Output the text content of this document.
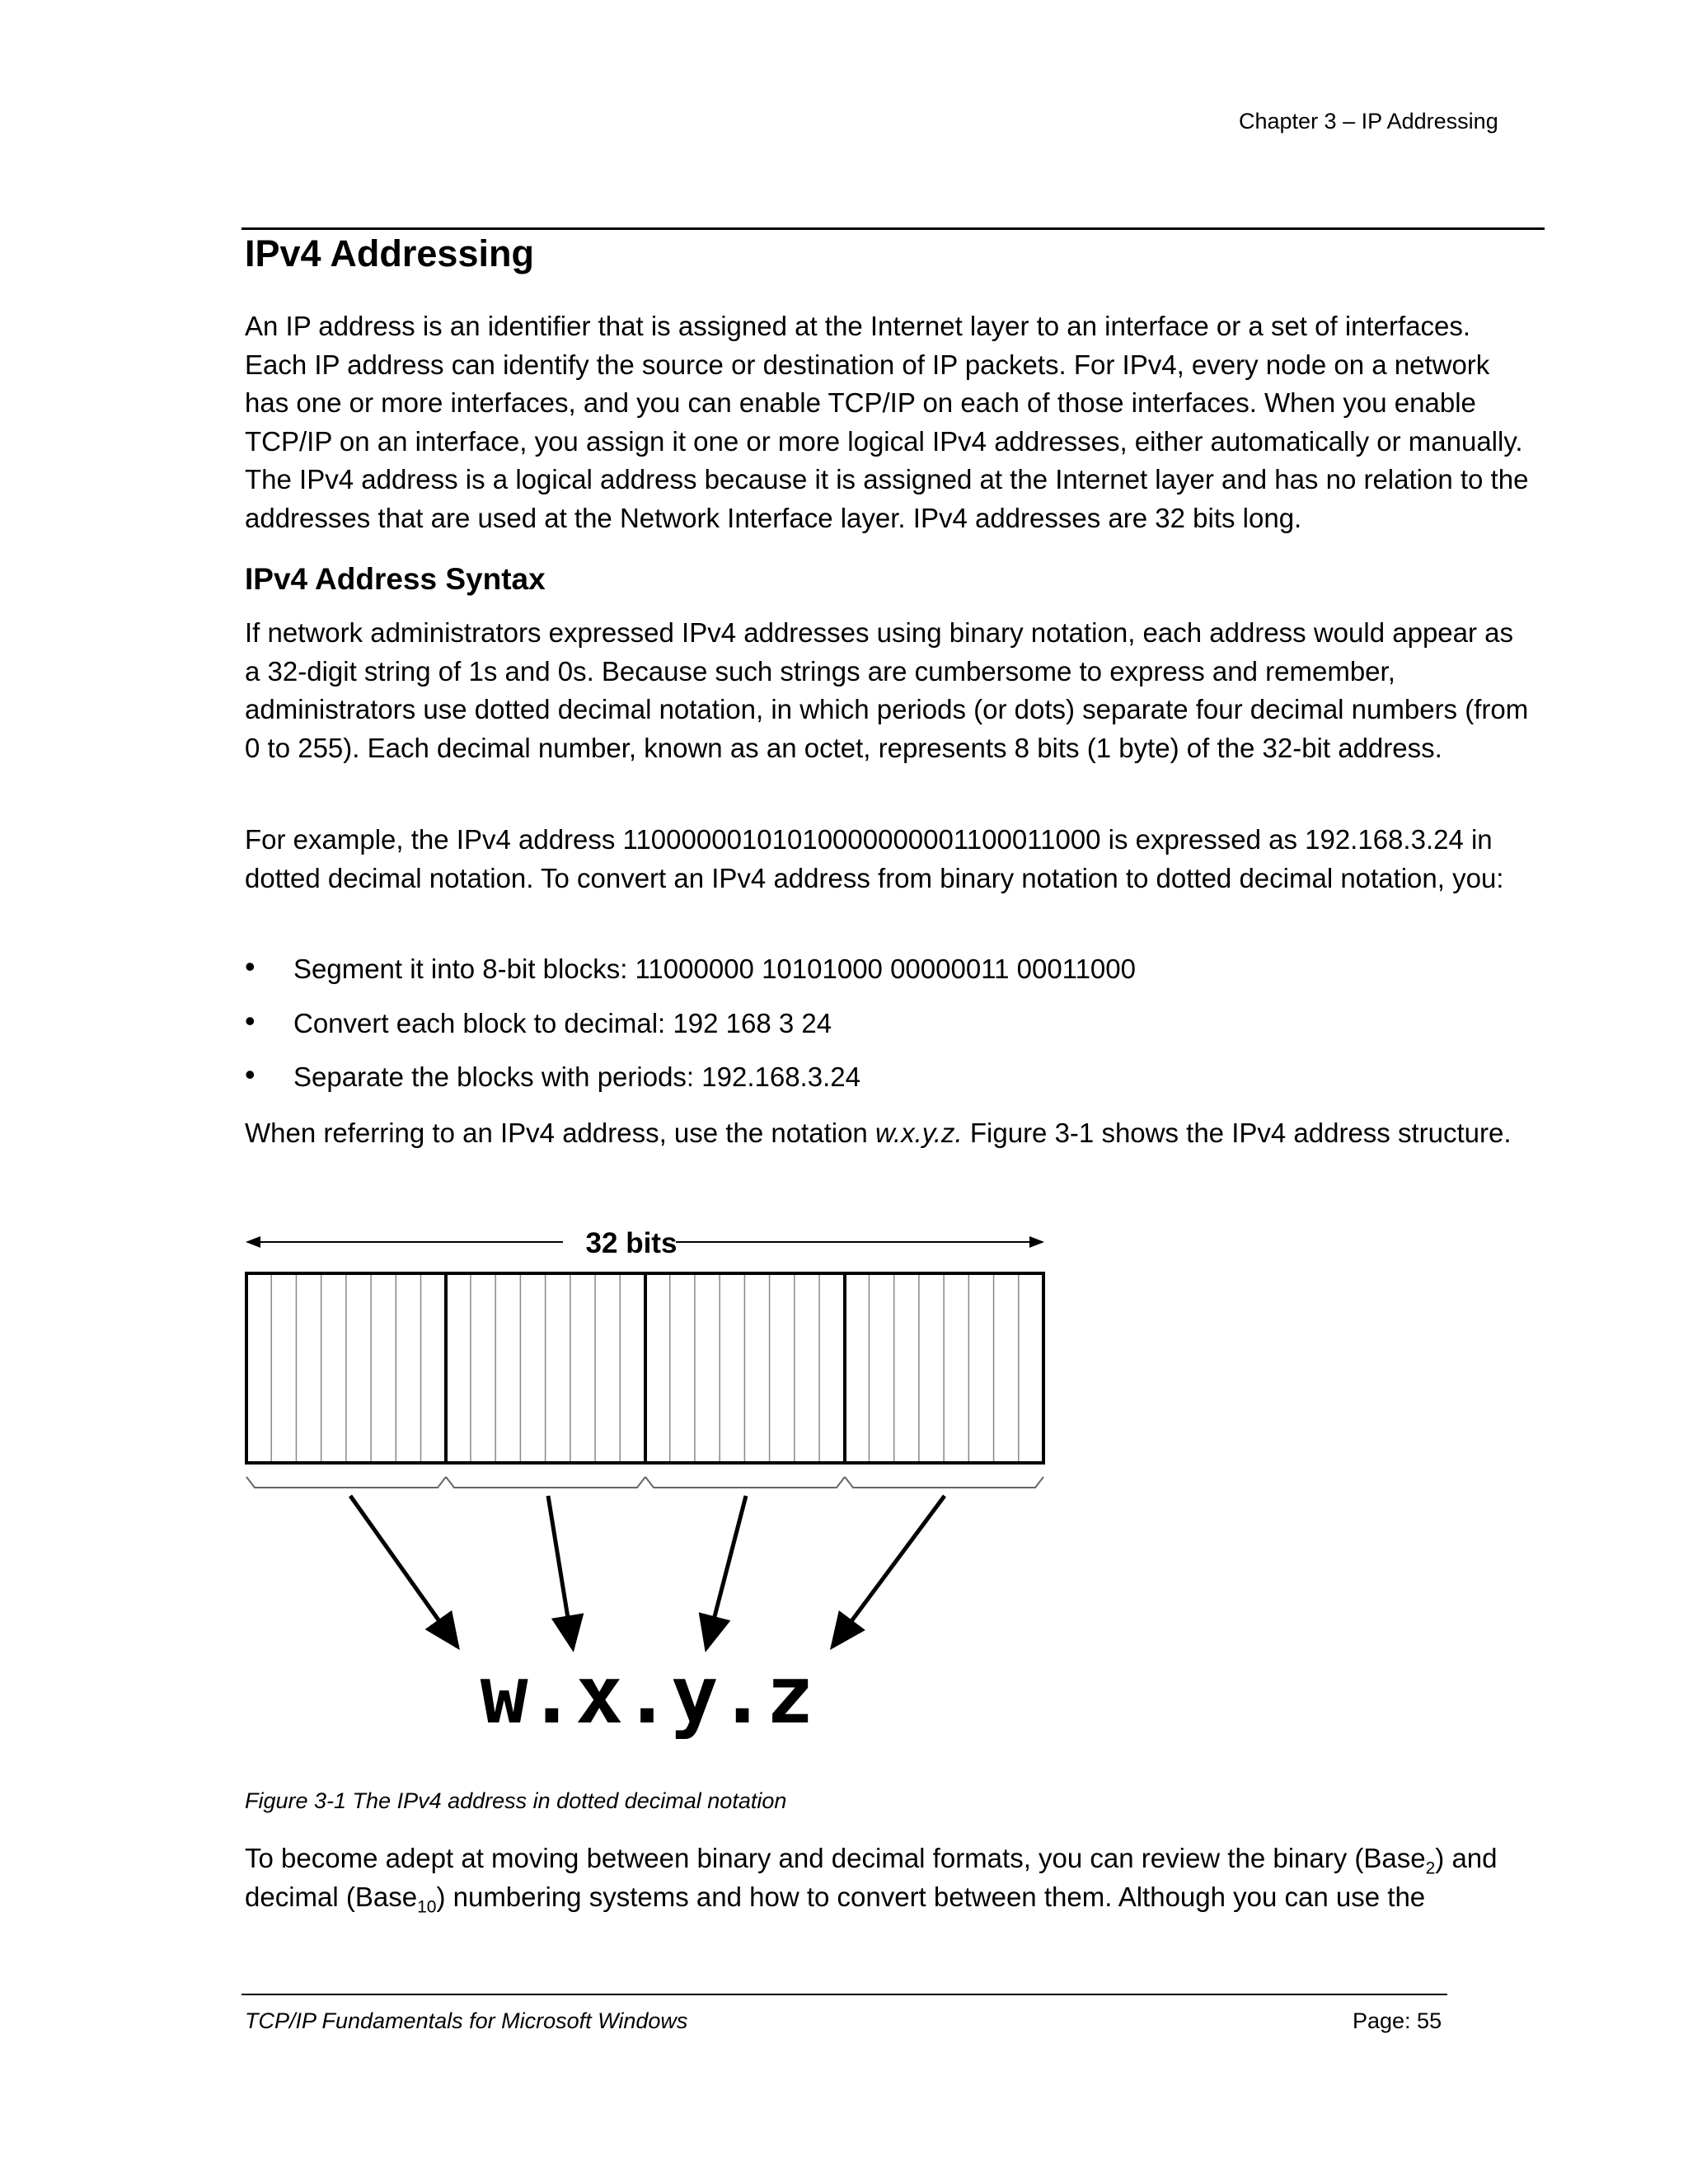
Chapter 3 – IP Addressing
IPv4 Addressing

An IP address is an identifier that is assigned at the Internet layer to an interface or a set of interfaces. Each IP address can identify the source or destination of IP packets. For IPv4, every node on a network has one or more interfaces, and you can enable TCP/IP on each of those interfaces. When you enable TCP/IP on an interface, you assign it one or more logical IPv4 addresses, either automatically or manually. The IPv4 address is a logical address because it is assigned at the Internet layer and has no relation to the addresses that are used at the Network Interface layer. IPv4 addresses are 32 bits long.

IPv4 Address Syntax

If network administrators expressed IPv4 addresses using binary notation, each address would appear as a 32-digit string of 1s and 0s. Because such strings are cumbersome to express and remember, administrators use dotted decimal notation, in which periods (or dots) separate four decimal numbers (from 0 to 255). Each decimal number, known as an octet, represents 8 bits (1 byte) of the 32-bit address.

For example, the IPv4 address 11000000101010000000001100011000 is expressed as 192.168.3.24 in dotted decimal notation. To convert an IPv4 address from binary notation to dotted decimal notation, you:

• Segment it into 8-bit blocks: 11000000 10101000 00000011 00011000
• Convert each block to decimal: 192 168 3 24
• Separate the blocks with periods: 192.168.3.24

When referring to an IPv4 address, use the notation w.x.y.z. Figure 3-1 shows the IPv4 address structure.

32 bits
w.x.y.z
Figure 3-1 The IPv4 address in dotted decimal notation

To become adept at moving between binary and decimal formats, you can review the binary (Base$_2$) and decimal (Base$_{10}$) numbering systems and how to convert between them. Although you can use the

TCP/IP Fundamentals for Microsoft Windows	Page: 55
